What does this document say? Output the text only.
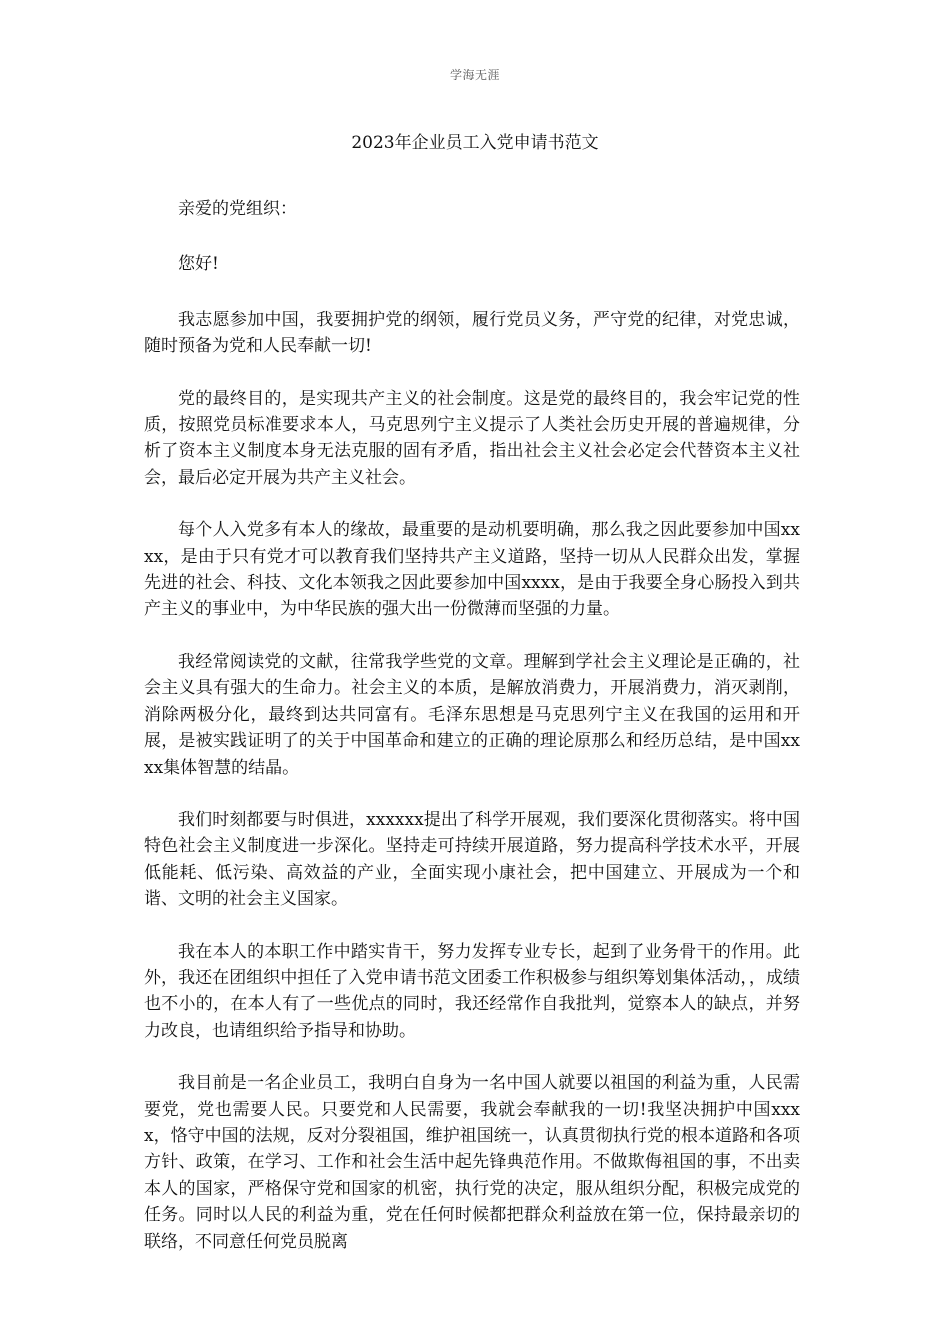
学海无涯
2023年企业员工入党申请书范文

亲爱的党组织：

您好!

我志愿参加中国，我要拥护党的纲领，履行党员义务，严守党的纪律，对党忠诚，随时预备为党和人民奉献一切!

党的最终目的，是实现共产主义的社会制度。这是党的最终目的，我会牢记党的性质，按照党员标准要求本人，马克思列宁主义提示了人类社会历史开展的普遍规律，分析了资本主义制度本身无法克服的固有矛盾，指出社会主义社会必定会代替资本主义社会，最后必定开展为共产主义社会。

每个人入党多有本人的缘故，最重要的是动机要明确，那么我之因此要参加中国xxxx，是由于只有党才可以教育我们坚持共产主义道路，坚持一切从人民群众出发，掌握先进的社会、科技、文化本领我之因此要参加中国xxxx，是由于我要全身心肠投入到共产主义的事业中，为中华民族的强大出一份微薄而坚强的力量。

我经常阅读党的文献，往常我学些党的文章。理解到学社会主义理论是正确的，社会主义具有强大的生命力。社会主义的本质，是解放消费力，开展消费力，消灭剥削，消除两极分化，最终到达共同富有。毛泽东思想是马克思列宁主义在我国的运用和开展，是被实践证明了的关于中国革命和建立的正确的理论原那么和经历总结，是中国xxxx集体智慧的结晶。

我们时刻都要与时俱进，xxxxxx提出了科学开展观，我们要深化贯彻落实。将中国特色社会主义制度进一步深化。坚持走可持续开展道路，努力提高科学技术水平，开展低能耗、低污染、高效益的产业，全面实现小康社会，把中国建立、开展成为一个和谐、文明的社会主义国家。

我在本人的本职工作中踏实肯干，努力发挥专业专长，起到了业务骨干的作用。此外，我还在团组织中担任了入党申请书范文团委工作积极参与组织筹划集体活动，，成绩也不小的，在本人有了一些优点的同时，我还经常作自我批判，觉察本人的缺点，并努力改良，也请组织给予指导和协助。

我目前是一名企业员工，我明白自身为一名中国人就要以祖国的利益为重，人民需要党，党也需要人民。只要党和人民需要，我就会奉献我的一切!我坚决拥护中国xxxx，恪守中国的法规，反对分裂祖国，维护祖国统一，认真贯彻执行党的根本道路和各项方针、政策，在学习、工作和社会生活中起先锋典范作用。不做欺侮祖国的事，不出卖本人的国家，严格保守党和国家的机密，执行党的决定，服从组织分配，积极完成党的任务。同时以人民的利益为重，党在任何时候都把群众利益放在第一位，保持最亲切的联络，不同意任何党员脱离
